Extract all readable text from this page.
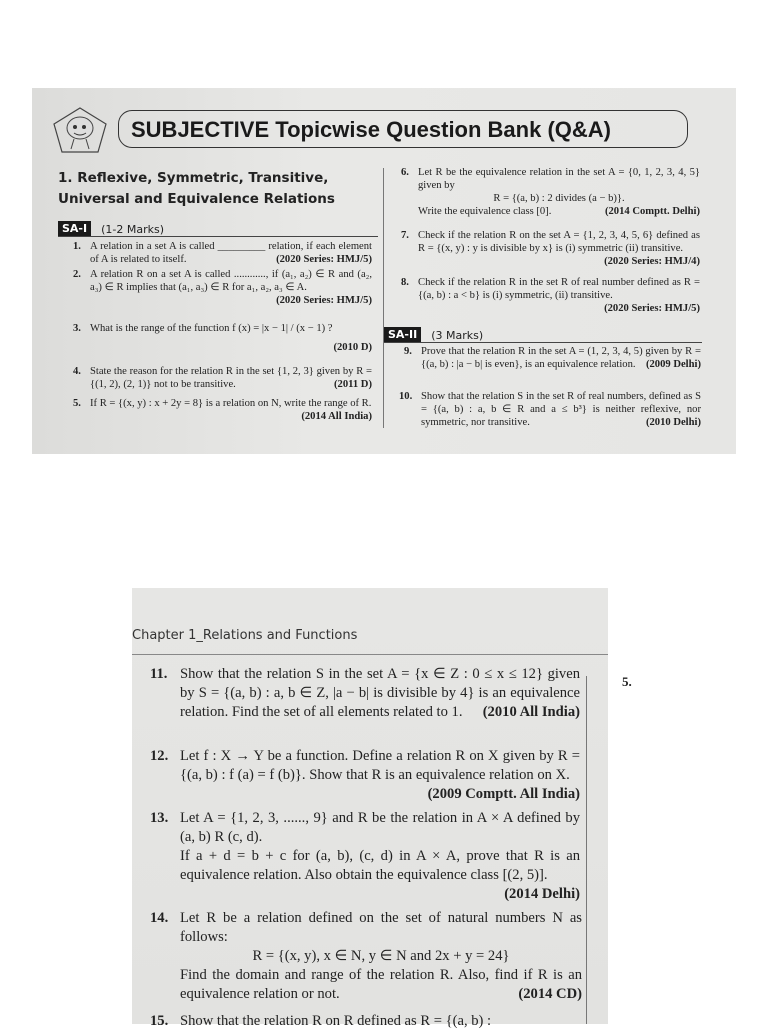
SUBJECTIVE Topicwise Question Bank (Q&A)
1. Reflexive, Symmetric, Transitive, Universal and Equivalence Relations
SA-I	(1-2 Marks)
1. A relation in a set A is called _________ relation, if each element of A is related to itself.	(2020 Series: HMJ/5)
2. A relation R on a set A is called ............, if (a₁, a₂) ∈ R and (a₂, a₃) ∈ R implies that (a₁, a₃) ∈ R for a₁, a₂, a₃ ∈ A.
(2020 Series: HMJ/5)
3. What is the range of the function f (x) = |x − 1| / (x − 1) ?
(2010 D)
4. State the reason for the relation R in the set {1, 2, 3} given by R = {(1, 2), (2, 1)} not to be transitive.	(2011 D)
5. If R = {(x, y) : x + 2y = 8} is a relation on N, write the range of R.
(2014 All India)
6. Let R be the equivalence relation in the set A = {0, 1, 2, 3, 4, 5} given by
R = {(a, b) : 2 divides (a − b)}.
Write the equivalence class [0].	(2014 Comptt. Delhi)
7. Check if the relation R on the set A = {1, 2, 3, 4, 5, 6} defined as R = {(x, y) : y is divisible by x} is (i) symmetric (ii) transitive.
(2020 Series: HMJ/4)
8. Check if the relation R in the set R of real number defined as R = {(a, b) : a < b} is (i) symmetric, (ii) transitive.
(2020 Series: HMJ/5)
SA-II	(3 Marks)
9. Prove that the relation R in the set A = (1, 2, 3, 4, 5) given by R = {(a, b) : |a − b| is even}, is an equivalence relation. (2009 Delhi)
10. Show that the relation S in the set R of real numbers, defined as S = {(a, b) : a, b ∈ R and a ≤ b³} is neither reflexive, nor symmetric, nor transitive.	(2010 Delhi)
Chapter 1_Relations and Functions
11. Show that the relation S in the set A = {x ∈ Z : 0 ≤ x ≤ 12} given by S = {(a, b) : a, b ∈ Z, |a − b| is divisible by 4} is an equivalence relation. Find the set of all elements related to 1. (2010 All India)
12. Let f : X → Y be a function. Define a relation R on X given by R = {(a, b) : f (a) = f (b)}. Show that R is an equivalence relation on X.
(2009 Comptt. All India)
13. Let A = {1, 2, 3, ......, 9} and R be the relation in A × A defined by (a, b) R (c, d).
If a + d = b + c for (a, b), (c, d) in A × A, prove that R is an equivalence relation. Also obtain the equivalence class [(2, 5)].
(2014 Delhi)
14. Let R be a relation defined on the set of natural numbers N as follows:
R = {(x, y), x ∈ N, y ∈ N and 2x + y = 24}
Find the domain and range of the relation R. Also, find if R is an equivalence relation or not.	(2014 CD)
15. Show that the relation R on R defined as R = {(a, b) :
5.
